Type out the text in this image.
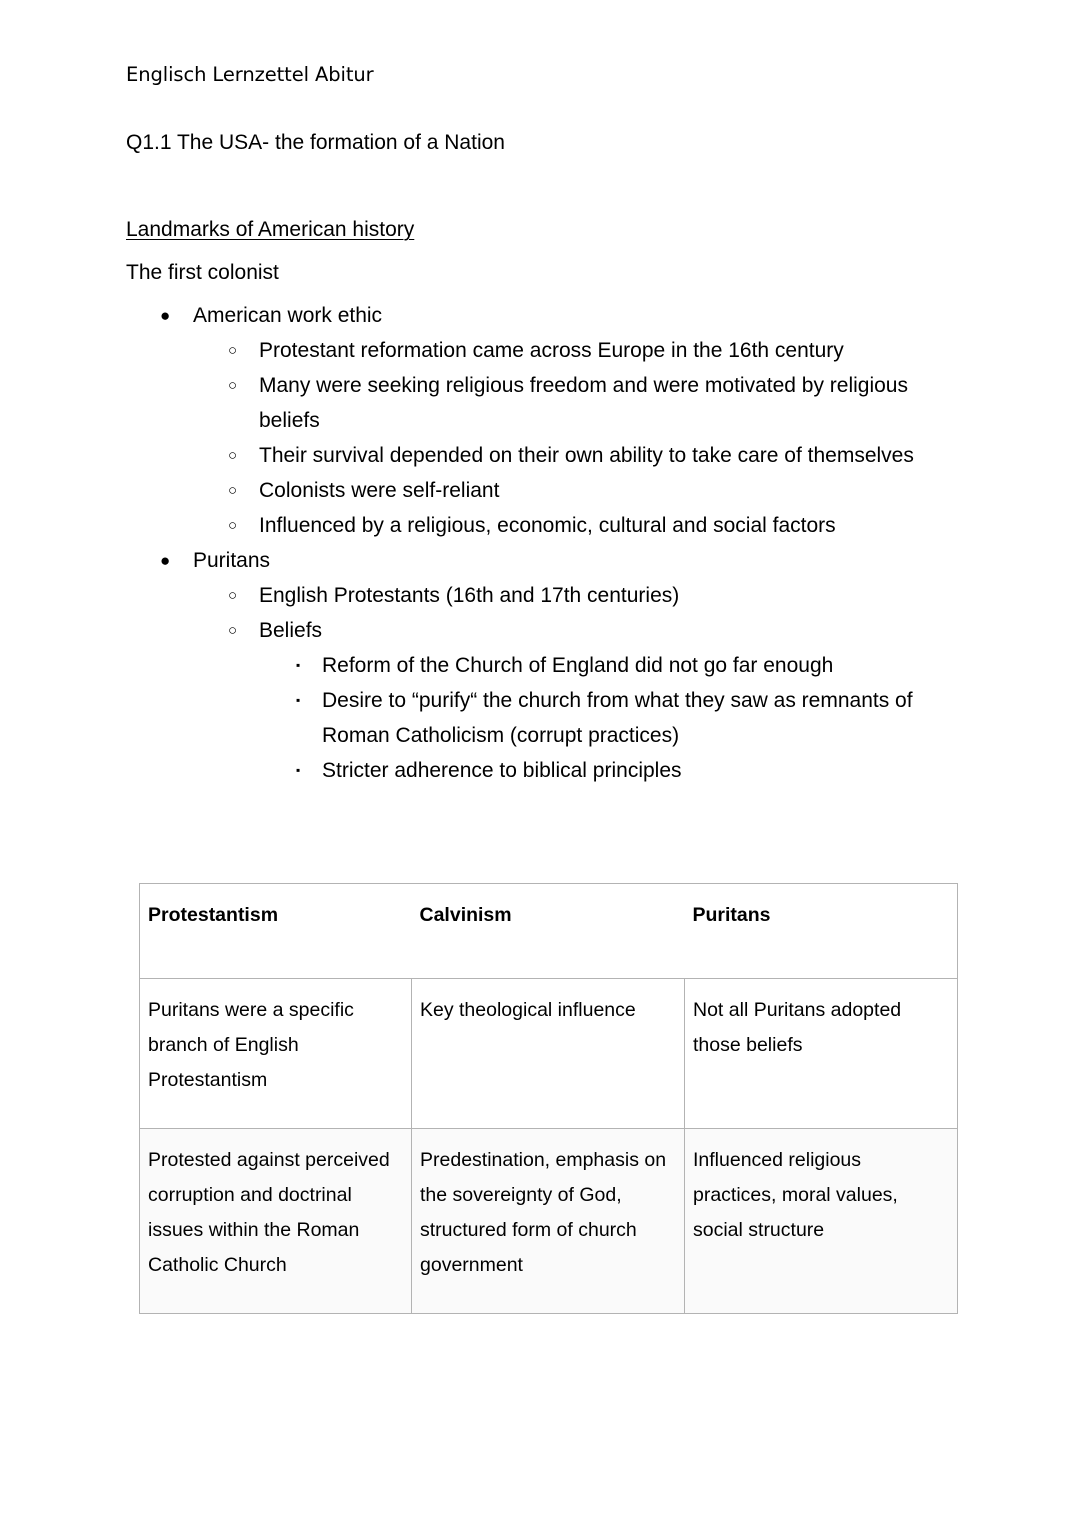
Englisch Lernzettel Abitur
Q1.1 The USA- the formation of a Nation
Landmarks of American history
The first colonist
● American work ethic
○ Protestant reformation came across Europe in the 16th century
○ Many were seeking religious freedom and were motivated by religious beliefs
○ Their survival depended on their own ability to take care of themselves
○ Colonists were self-reliant
○ Influenced by a religious, economic, cultural and social factors
● Puritans
○ English Protestants (16th and 17th centuries)
○ Beliefs
▪ Reform of the Church of England did not go far enough
▪ Desire to “purify“ the church from what they saw as remnants of Roman Catholicism (corrupt practices)
▪ Stricter adherence to biblical principles
Protestantism	Calvinism	Puritans
Puritans were a specific branch of English Protestantism	Key theological influence	Not all Puritans adopted those beliefs
Protested against perceived corruption and doctrinal issues within the Roman Catholic Church	Predestination, emphasis on the sovereignty of God, structured form of church government	Influenced religious practices, moral values, social structure
